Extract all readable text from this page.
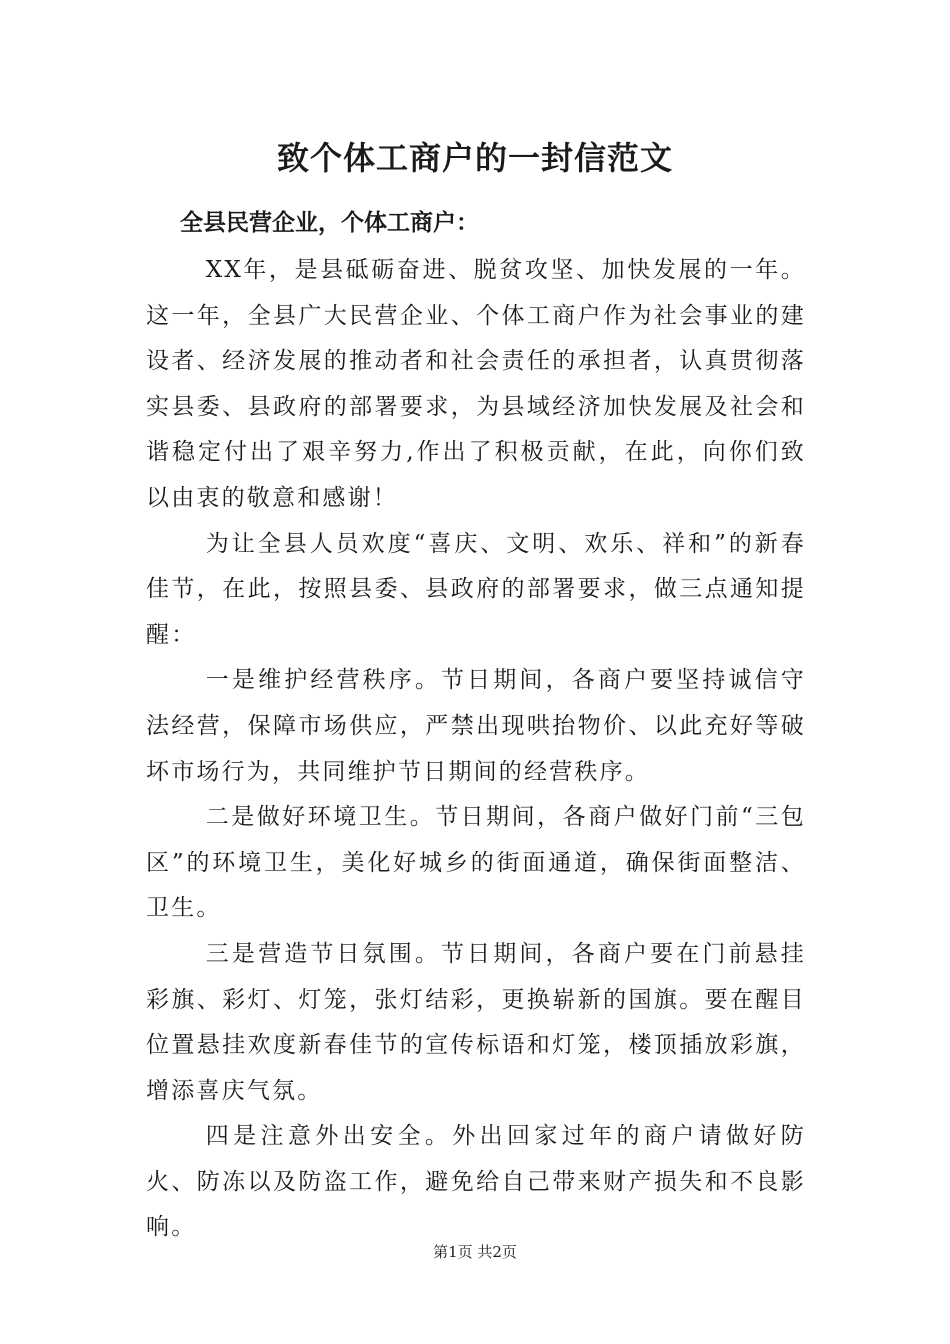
致个体工商户的一封信范文
全县民营企业，个体工商户：

XX年，是县砥砺奋进、脱贫攻坚、加快发展的一年。这一年，全县广大民营企业、个体工商户作为社会事业的建设者、经济发展的推动者和社会责任的承担者，认真贯彻落实县委、县政府的部署要求，为县域经济加快发展及社会和谐稳定付出了艰辛努力,作出了积极贡献，在此，向你们致以由衷的敬意和感谢！

为让全县人员欢度“喜庆、文明、欢乐、祥和”的新春佳节，在此，按照县委、县政府的部署要求，做三点通知提醒：

一是维护经营秩序。节日期间，各商户要坚持诚信守法经营，保障市场供应，严禁出现哄抬物价、以此充好等破坏市场行为，共同维护节日期间的经营秩序。

二是做好环境卫生。节日期间，各商户做好门前“三包区”的环境卫生，美化好城乡的街面通道，确保街面整洁、卫生。

三是营造节日氛围。节日期间，各商户要在门前悬挂彩旗、彩灯、灯笼，张灯结彩，更换崭新的国旗。要在醒目位置悬挂欢度新春佳节的宣传标语和灯笼，楼顶插放彩旗，增添喜庆气氛。

四是注意外出安全。外出回家过年的商户请做好防火、防冻以及防盗工作，避免给自己带来财产损失和不良影响。

第1页 共2页
